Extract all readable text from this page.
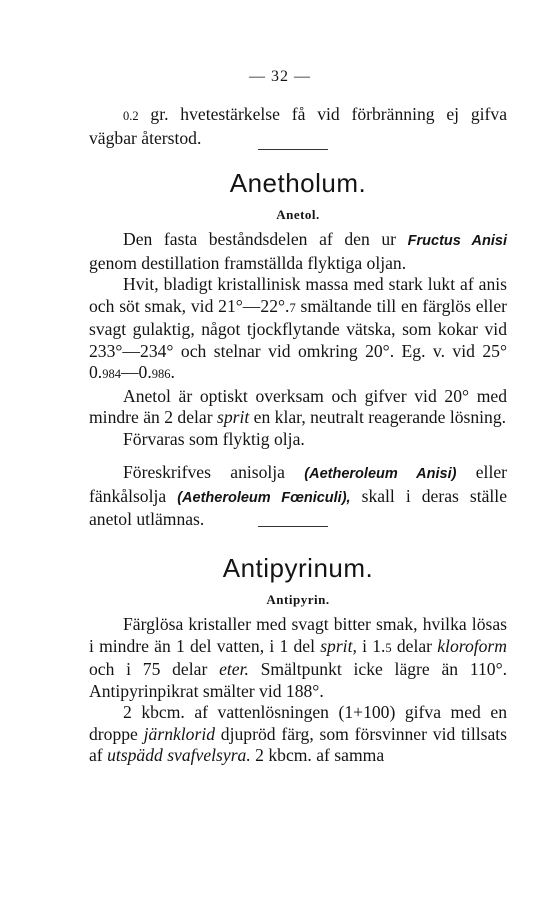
— 32 —
0.2 gr. hvetestärkelse få vid förbränning ej gifva vägbar återstod.
Anetholum.
Anetol.

Den fasta beståndsdelen af den ur Fructus Anisi genom destillation framställda flyktiga oljan.

Hvit, bladigt kristallinisk massa med stark lukt af anis och söt smak, vid 21°—22°.7 smältande till en färglös eller svagt gulaktig, något tjockflytande vätska, som kokar vid 233°—234° och stelnar vid omkring 20°. Eg. v. vid 25° 0.984—0.986.

Anetol är optiskt overksam och gifver vid 20° med mindre än 2 delar sprit en klar, neutralt reagerande lösning.

Förvaras som flyktig olja.

Föreskrifves anisolja (Aetheroleum Anisi) eller fänkålsolja (Aetheroleum Fœniculi), skall i deras ställe anetol utlämnas.

Antipyrinum.
Antipyrin.

Färglösa kristaller med svagt bitter smak, hvilka lösas i mindre än 1 del vatten, i 1 del sprit, i 1.5 delar kloroform och i 75 delar eter. Smältpunkt icke lägre än 110°. Antipyrinpikrat smälter vid 188°.

2 kbcm. af vattenlösningen (1+100) gifva med en droppe järnklorid djupröd färg, som försvinner vid tillsats af utspädd svafvelsyra. 2 kbcm. af samma
